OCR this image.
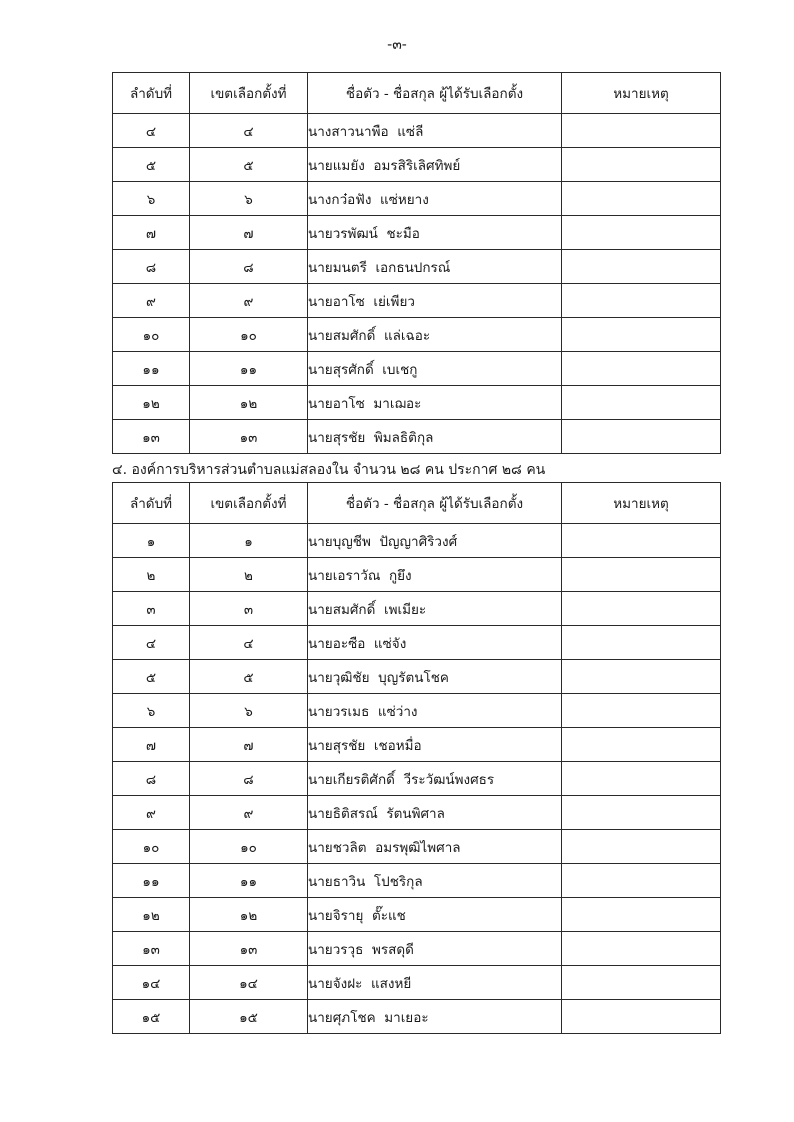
-๓-
ลำดับที่	เขตเลือกตั้งที่	ชื่อตัว - ชื่อสกุล ผู้ได้รับเลือกตั้ง	หมายเหตุ
๔	๔	นางสาวนาพือ  แซ่ลี	
๕	๕	นายแมยัง  อมรสิริเลิศทิพย์	
๖	๖	นางกว๋อฟัง  แซ่หยาง	
๗	๗	นายวรพัฒน์  ชะมือ	
๘	๘	นายมนตรี  เอกธนปกรณ์	
๙	๙	นายอาโซ  เย่เพียว	
๑๐	๑๐	นายสมศักดิ์  แล่เฉอะ	
๑๑	๑๑	นายสุรศักดิ์  เบเชกู	
๑๒	๑๒	นายอาโซ  มาเฌอะ	
๑๓	๑๓	นายสุรชัย  พิมลธิติกุล	
๔. องค์การบริหารส่วนตำบลแม่สลองใน จำนวน ๒๘ คน ประกาศ ๒๘ คน
ลำดับที่	เขตเลือกตั้งที่	ชื่อตัว - ชื่อสกุล ผู้ได้รับเลือกตั้ง	หมายเหตุ
๑	๑	นายบุญชีพ  ปัญญาศิริวงศ์	
๒	๒	นายเอราวัณ  กูยึง	
๓	๓	นายสมศักดิ์  เพเมียะ	
๔	๔	นายอะซือ  แซ่จัง	
๕	๕	นายวุฒิชัย  บุญรัตนโชค	
๖	๖	นายวรเมธ  แซ่ว่าง	
๗	๗	นายสุรชัย  เชอหมื่อ	
๘	๘	นายเกียรติศักดิ์  วีระวัฒน์พงศธร	
๙	๙	นายธิติสรณ์  รัตนพิศาล	
๑๐	๑๐	นายชวลิต  อมรพุฒิไพศาล	
๑๑	๑๑	นายธาวิน  โปชริกุล	
๑๒	๑๒	นายจิรายุ  ตั๊ะแช	
๑๓	๑๓	นายวรวุธ  พรสดุดี	
๑๔	๑๔	นายจังฝะ  แสงหยี	
๑๕	๑๕	นายศุภโชค  มาเยอะ	
